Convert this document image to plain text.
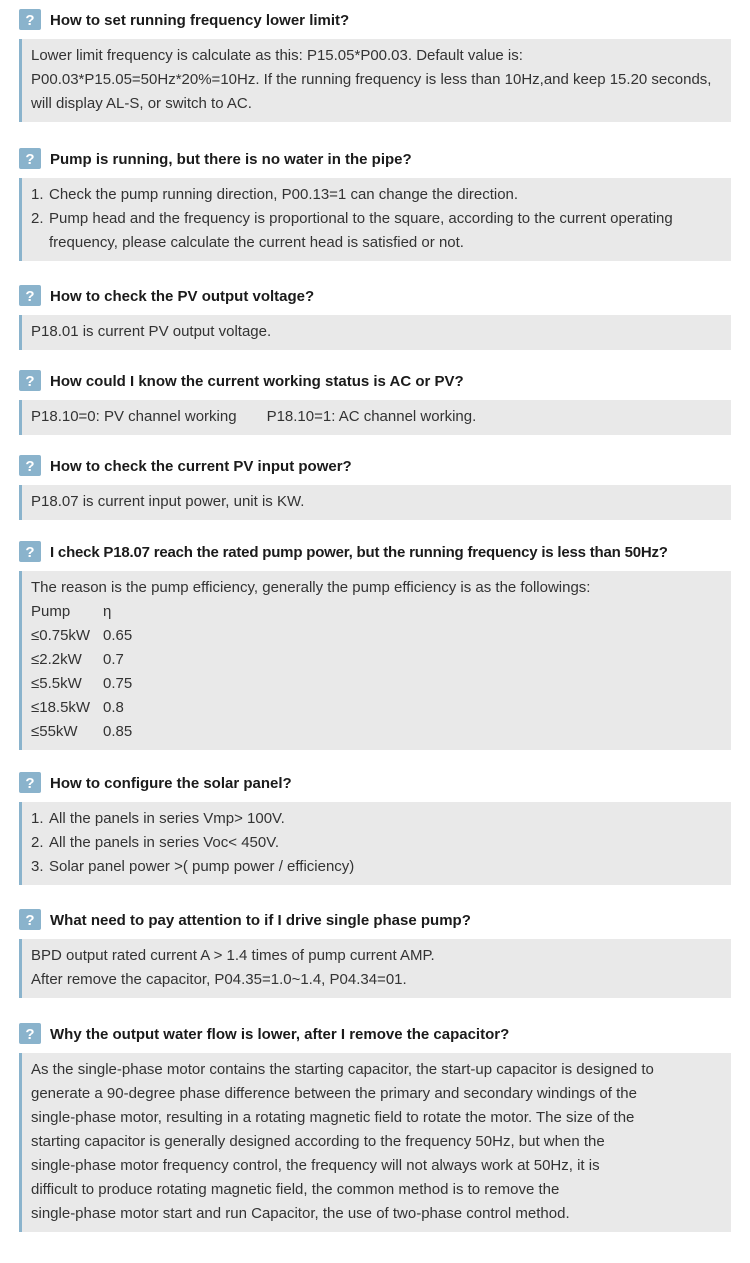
? How to set running frequency lower limit?
Lower limit frequency is calculate as this: P15.05*P00.03. Default value is: P00.03*P15.05=50Hz*20%=10Hz. If the running frequency is less than 10Hz,and keep 15.20 seconds, will display AL-S, or switch to AC.
? Pump is running, but there is no water in the pipe?
1. Check the pump running direction, P00.13=1 can change the direction.
2. Pump head and the frequency is proportional to the square, according to the current operating frequency, please calculate the current head is satisfied or not.
? How to check the PV output voltage?
P18.01 is current PV output voltage.
? How could I know the current working status is AC or PV?
P18.10=0: PV channel working P18.10=1: AC channel working.
? How to check the current PV input power?
P18.07 is current input power, unit is KW.
? I check P18.07 reach the rated pump power, but the running frequency is less than 50Hz?
The reason is the pump efficiency, generally the pump efficiency is as the followings:
Pump	η
≤0.75kW 0.65
≤2.2kW	0.7
≤5.5kW	0.75
≤18.5kW 0.8
≤55kW	0.85
? How to configure the solar panel?
1. All the panels in series Vmp> 100V.
2. All the panels in series Voc< 450V.
3. Solar panel power >( pump power / efficiency)
? What need to pay attention to if I drive single phase pump?
BPD output rated current A > 1.4 times of pump current AMP.
After remove the capacitor, P04.35=1.0~1.4, P04.34=01.
? Why the output water flow is lower, after I remove the capacitor?
As the single-phase motor contains the starting capacitor, the start-up capacitor is designed to
generate a 90-degree phase difference between the primary and secondary windings of the
single-phase motor, resulting in a rotating magnetic field to rotate the motor. The size of the
starting capacitor is generally designed according to the frequency 50Hz, but when the
single-phase motor frequency control, the frequency will not always work at 50Hz, it is
difficult to produce rotating magnetic field, the common method is to remove the
single-phase motor start and run Capacitor, the use of two-phase control method.
